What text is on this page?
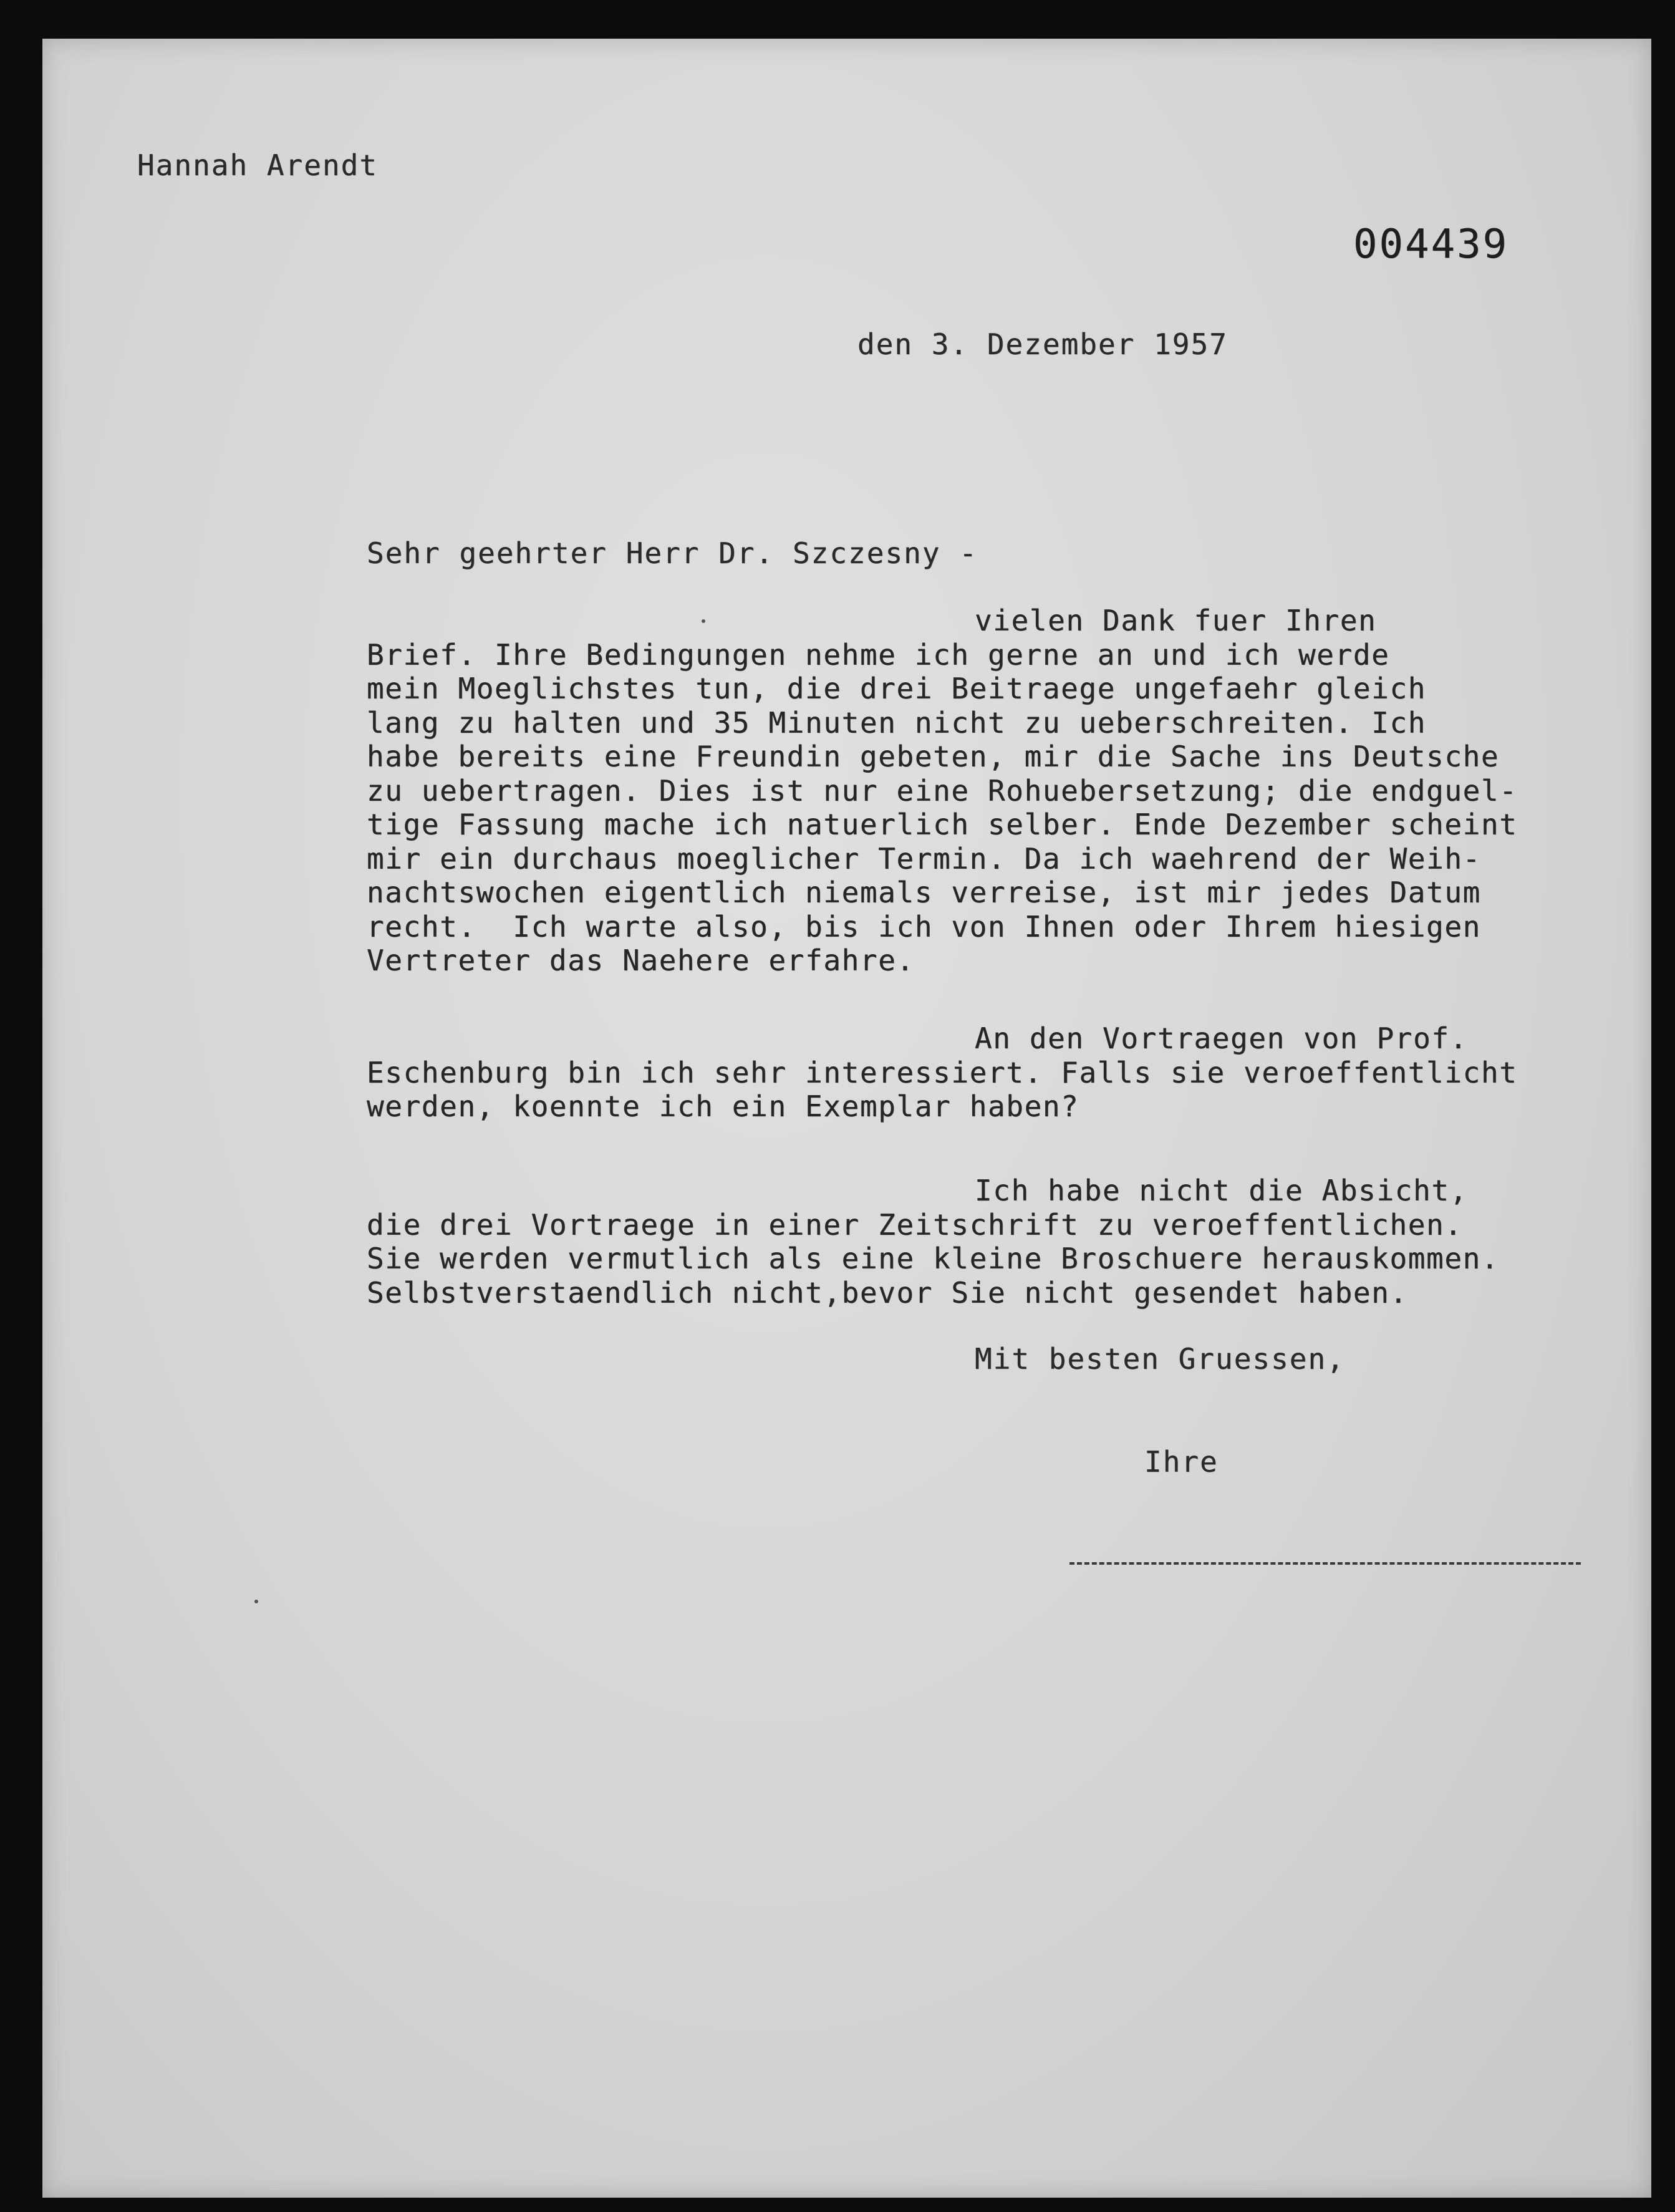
Hannah Arendt
004439
den 3. Dezember 1957
Sehr geehrter Herr Dr. Szczesny -
vielen Dank fuer Ihren
Brief. Ihre Bedingungen nehme ich gerne an und ich werde
mein Moeglichstes tun, die drei Beitraege ungefaehr gleich
lang zu halten und 35 Minuten nicht zu ueberschreiten. Ich
habe bereits eine Freundin gebeten, mir die Sache ins Deutsche
zu uebertragen. Dies ist nur eine Rohuebersetzung; die endguel-
tige Fassung mache ich natuerlich selber. Ende Dezember scheint
mir ein durchaus moeglicher Termin. Da ich waehrend der Weih-
nachtswochen eigentlich niemals verreise, ist mir jedes Datum
recht.  Ich warte also, bis ich von Ihnen oder Ihrem hiesigen
Vertreter das Naehere erfahre.
An den Vortraegen von Prof.
Eschenburg bin ich sehr interessiert. Falls sie veroeffentlicht
werden, koennte ich ein Exemplar haben?
Ich habe nicht die Absicht,
die drei Vortraege in einer Zeitschrift zu veroeffentlichen.
Sie werden vermutlich als eine kleine Broschuere herauskommen.
Selbstverstaendlich nicht,bevor Sie nicht gesendet haben.
Mit besten Gruessen,
Ihre
